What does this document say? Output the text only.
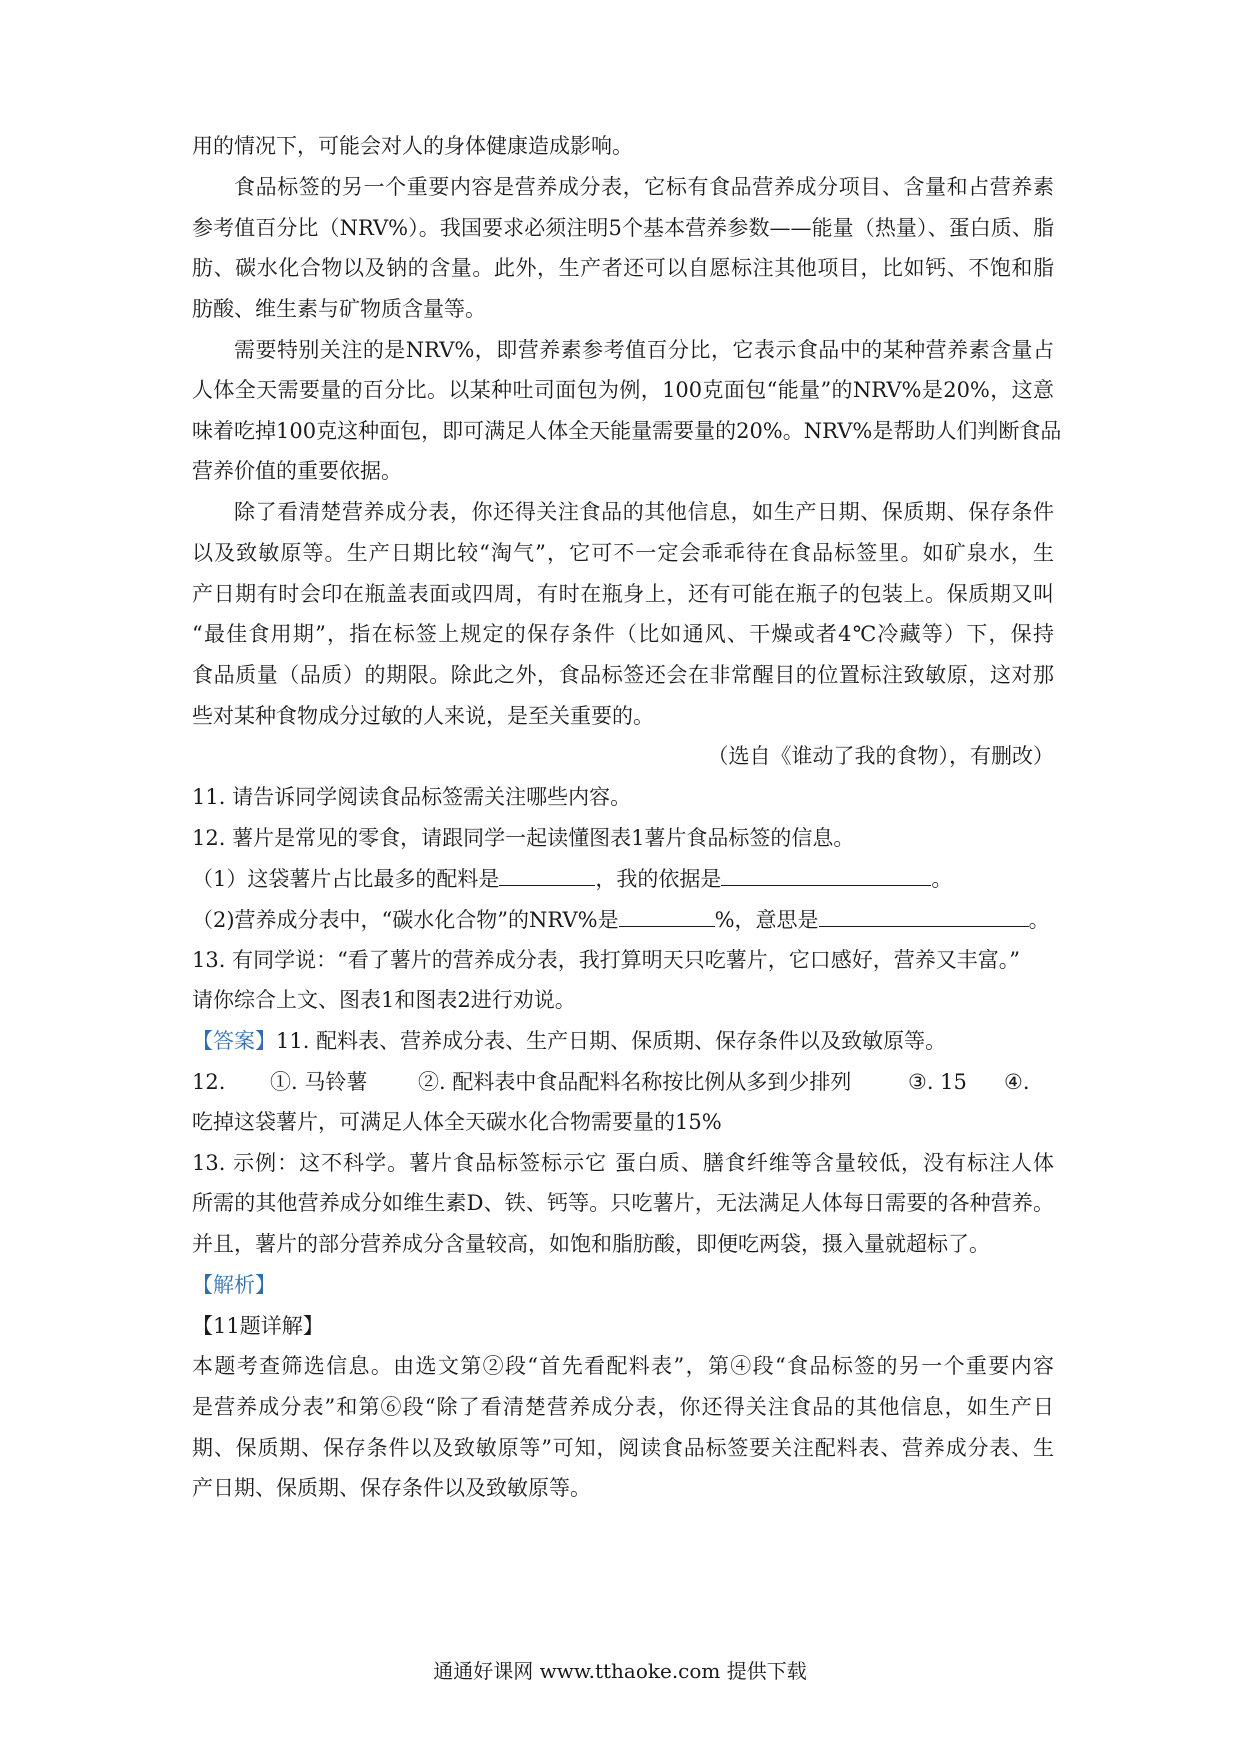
用的情况下，可能会对人的身体健康造成影响。
食品标签的另一个重要内容是营养成分表，它标有食品营养成分项目、含量和占营养素
参考值百分比（NRV%）。我国要求必须注明5个基本营养参数——能量（热量）、蛋白质、脂
肪、碳水化合物以及钠的含量。此外，生产者还可以自愿标注其他项目，比如钙、不饱和脂
肪酸、维生素与矿物质含量等。
需要特别关注的是NRV%，即营养素参考值百分比，它表示食品中的某种营养素含量占
人体全天需要量的百分比。以某种吐司面包为例，100克面包“能量”的NRV%是20%，这意
味着吃掉100克这种面包，即可满足人体全天能量需要量的20%。NRV%是帮助人们判断食品
营养价值的重要依据。
除了看清楚营养成分表，你还得关注食品的其他信息，如生产日期、保质期、保存条件
以及致敏原等。生产日期比较“淘气”，它可不一定会乖乖待在食品标签里。如矿泉水，生
产日期有时会印在瓶盖表面或四周，有时在瓶身上，还有可能在瓶子的包装上。保质期又叫
“最佳食用期”，指在标签上规定的保存条件（比如通风、干燥或者4℃冷藏等）下，保持
食品质量（品质）的期限。除此之外，食品标签还会在非常醒目的位置标注致敏原，这对那
些对某种食物成分过敏的人来说，是至关重要的。
（选自《谁动了我的食物），有删改）
11. 请告诉同学阅读食品标签需关注哪些内容。
12. 薯片是常见的零食，请跟同学一起读懂图表1薯片食品标签的信息。
（1）这袋薯片占比最多的配料是	，我的依据是	。
（2)营养成分表中，“碳水化合物”的NRV%是	%，意思是	。
13. 有同学说：“看了薯片的营养成分表，我打算明天只吃薯片，它口感好，营养又丰富。”
请你综合上文、图表1和图表2进行劝说。
【答案】11. 配料表、营养成分表、生产日期、保质期、保存条件以及致敏原等。
12. ①. 马铃薯 ②. 配料表中食品配料名称按比例从多到少排列	③. 15 ④.
吃掉这袋薯片，可满足人体全天碳水化合物需要量的15%
13. 示例：这不科学。薯片食品标签标示它 蛋白质、膳食纤维等含量较低，没有标注人体
所需的其他营养成分如维生素D、铁、钙等。只吃薯片，无法满足人体每日需要的各种营养。
并且，薯片的部分营养成分含量较高，如饱和脂肪酸，即便吃两袋，摄入量就超标了。
【解析】
【11题详解】
本题考查筛选信息。由选文第②段“首先看配料表”，第④段“食品标签的另一个重要内容
是营养成分表”和第⑥段“除了看清楚营养成分表，你还得关注食品的其他信息，如生产日
期、保质期、保存条件以及致敏原等”可知，阅读食品标签要关注配料表、营养成分表、生
产日期、保质期、保存条件以及致敏原等。
通通好课网 www.tthaoke.com 提供下载
